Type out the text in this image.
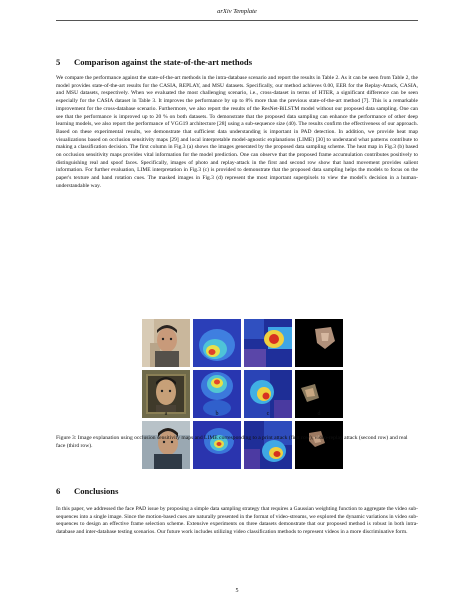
arXiv Template
5 Comparison against the state-of-the-art methods
We compare the performance against the state-of-the-art methods in the intra-database scenario and report the results in Table 2. As it can be seen from Table 2, the model provides state-of-the-art results for the CASIA, REPLAY, and MSU datasets. Specifically, our method achieves 0.00, EER for the Replay-Attack, CASIA, and MSU datasets, respectively. When we evaluated the most challenging scenario, i.e., cross-dataset in terms of HTER, a significant difference can be seen especially for the CASIA dataset in Table 3. It improves the performance by up to 8% more than the previous state-of-the-art method [7]. This is a remarkable improvement for the cross-database scenario. Furthermore, we also report the results of the ResNet-BiLSTM model without our proposed data sampling. One can see that the performance is improved up to 20 % on both datasets. To demonstrate that the proposed data sampling can enhance the performance of other deep learning models, we also report the performance of VGG19 architecture [28] using a sub-sequence size (40). The results confirm the effectiveness of our approach. Based on these experimental results, we demonstrate that sufficient data understanding is important in PAD detection. In addition, we provide heat map visualizations based on occlusion sensitivity maps [29] and local interpretable model-agnostic explanations (LIME) [30] to understand what patterns contribute to making a classification decision. The first column in Fig.3 (a) shows the images generated by the proposed data sampling scheme. The heat map in Fig.3 (b) based on occlusion sensitivity maps provides vital information for the model prediction. One can observe that the proposed frame accumulation contributes positively to distinguishing real and spoof faces. Specifically, images of photo and replay-attack in the first and second row show that hand movement provides salient information. For further evaluation, LIME interpretation in Fig.3 (c) is provided to demonstrate that the proposed data sampling helps the models to focus on the paper's texture and hand rotation cues. The masked images in Fig.3 (d) represent the most important superpixels to view the model's decision in a human-understandable way.
a	b	c	d
Figure 3: Image explanation using occlusion sensitivity maps and LIME corresponding to a print attack (first row), video-replay attack (second row) and real face (third row).
6 Conclusions
In this paper, we addressed the face PAD issue by proposing a simple data sampling strategy that requires a Gaussian weighting function to aggregate the video sub-sequences into a single image. Since the motion-based cues are naturally presented in the format of video-streams, we explored the dynamic variations in video sub-sequences to design an effective frame selection scheme. Extensive experiments on three datasets demonstrate that our proposed method is robust in both intra-database and inter-database testing scenarios. Our future work includes utilizing video classification methods to represent videos in a more discriminative form.
5
